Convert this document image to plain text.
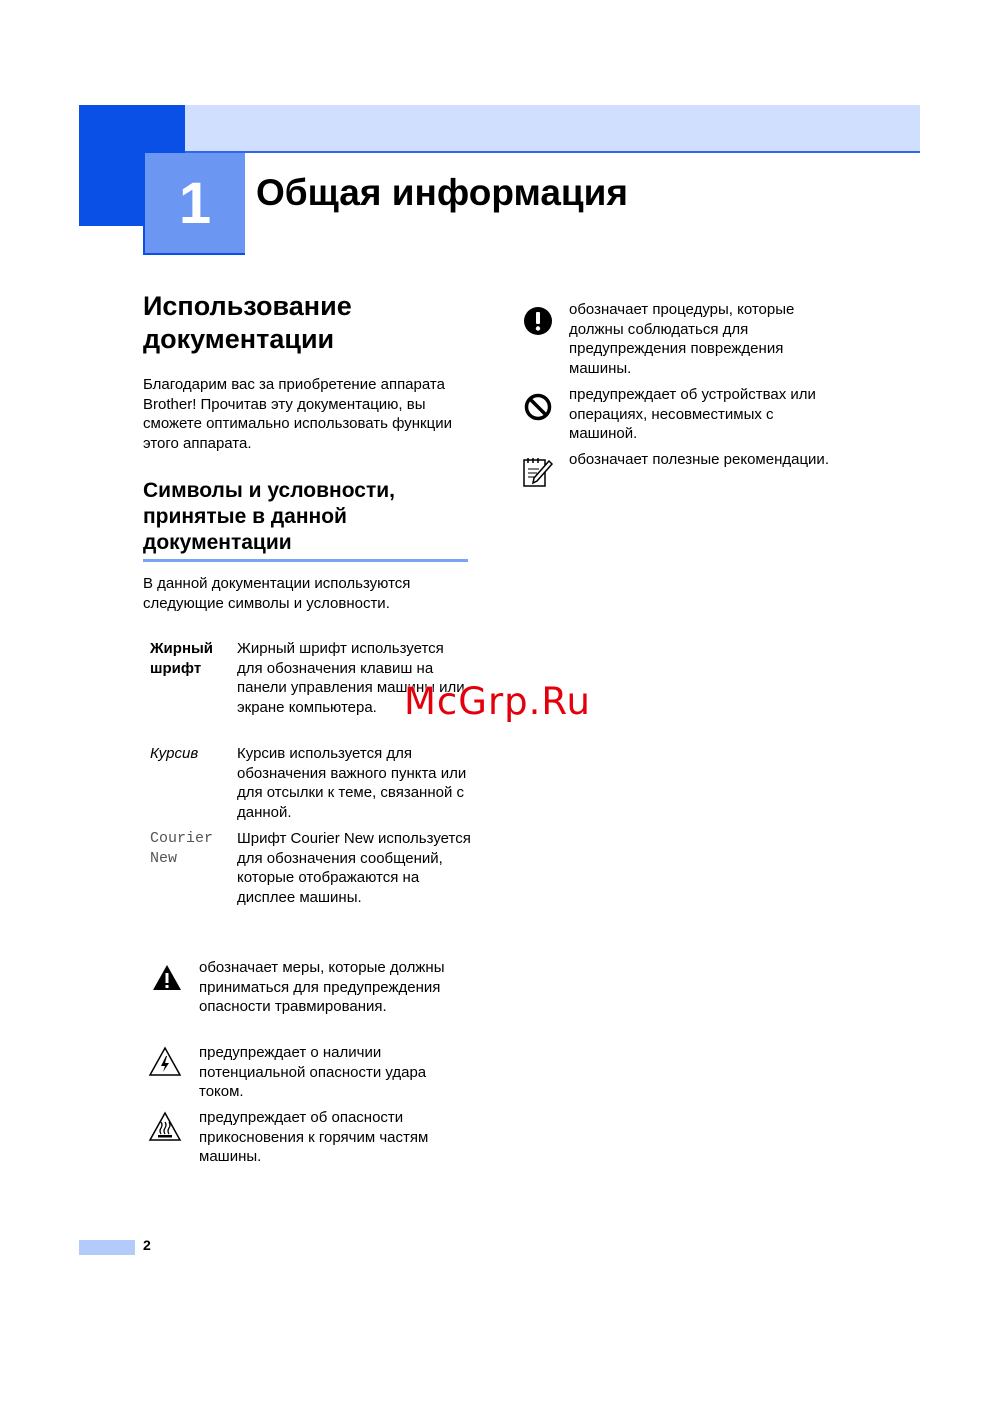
1	Общая информация
Использование документации
Благодарим вас за приобретение аппарата Brother! Прочитав эту документацию, вы сможете оптимально использовать функции этого аппарата.
Символы и условности, принятые в данной документации
В данной документации используются следующие символы и условности.
Жирный шрифт
Жирный шрифт используется для обозначения клавиш на панели управления машины или экране компьютера.
Курсив	Курсив используется для обозначения важного пункта или для отсылки к теме, связанной с данной.
Courier New
Шрифт Courier New используется для обозначения сообщений, которые отображаются на дисплее машины.
обозначает меры, которые должны приниматься для предупреждения опасности травмирования.
предупреждает о наличии потенциальной опасности удара током.
предупреждает об опасности прикосновения к горячим частям машины.
обозначает процедуры, которые должны соблюдаться для предупреждения повреждения машины.
предупреждает об устройствах или операциях, несовместимых с машиной.
обозначает полезные рекомендации.
2
McGrp.Ru
